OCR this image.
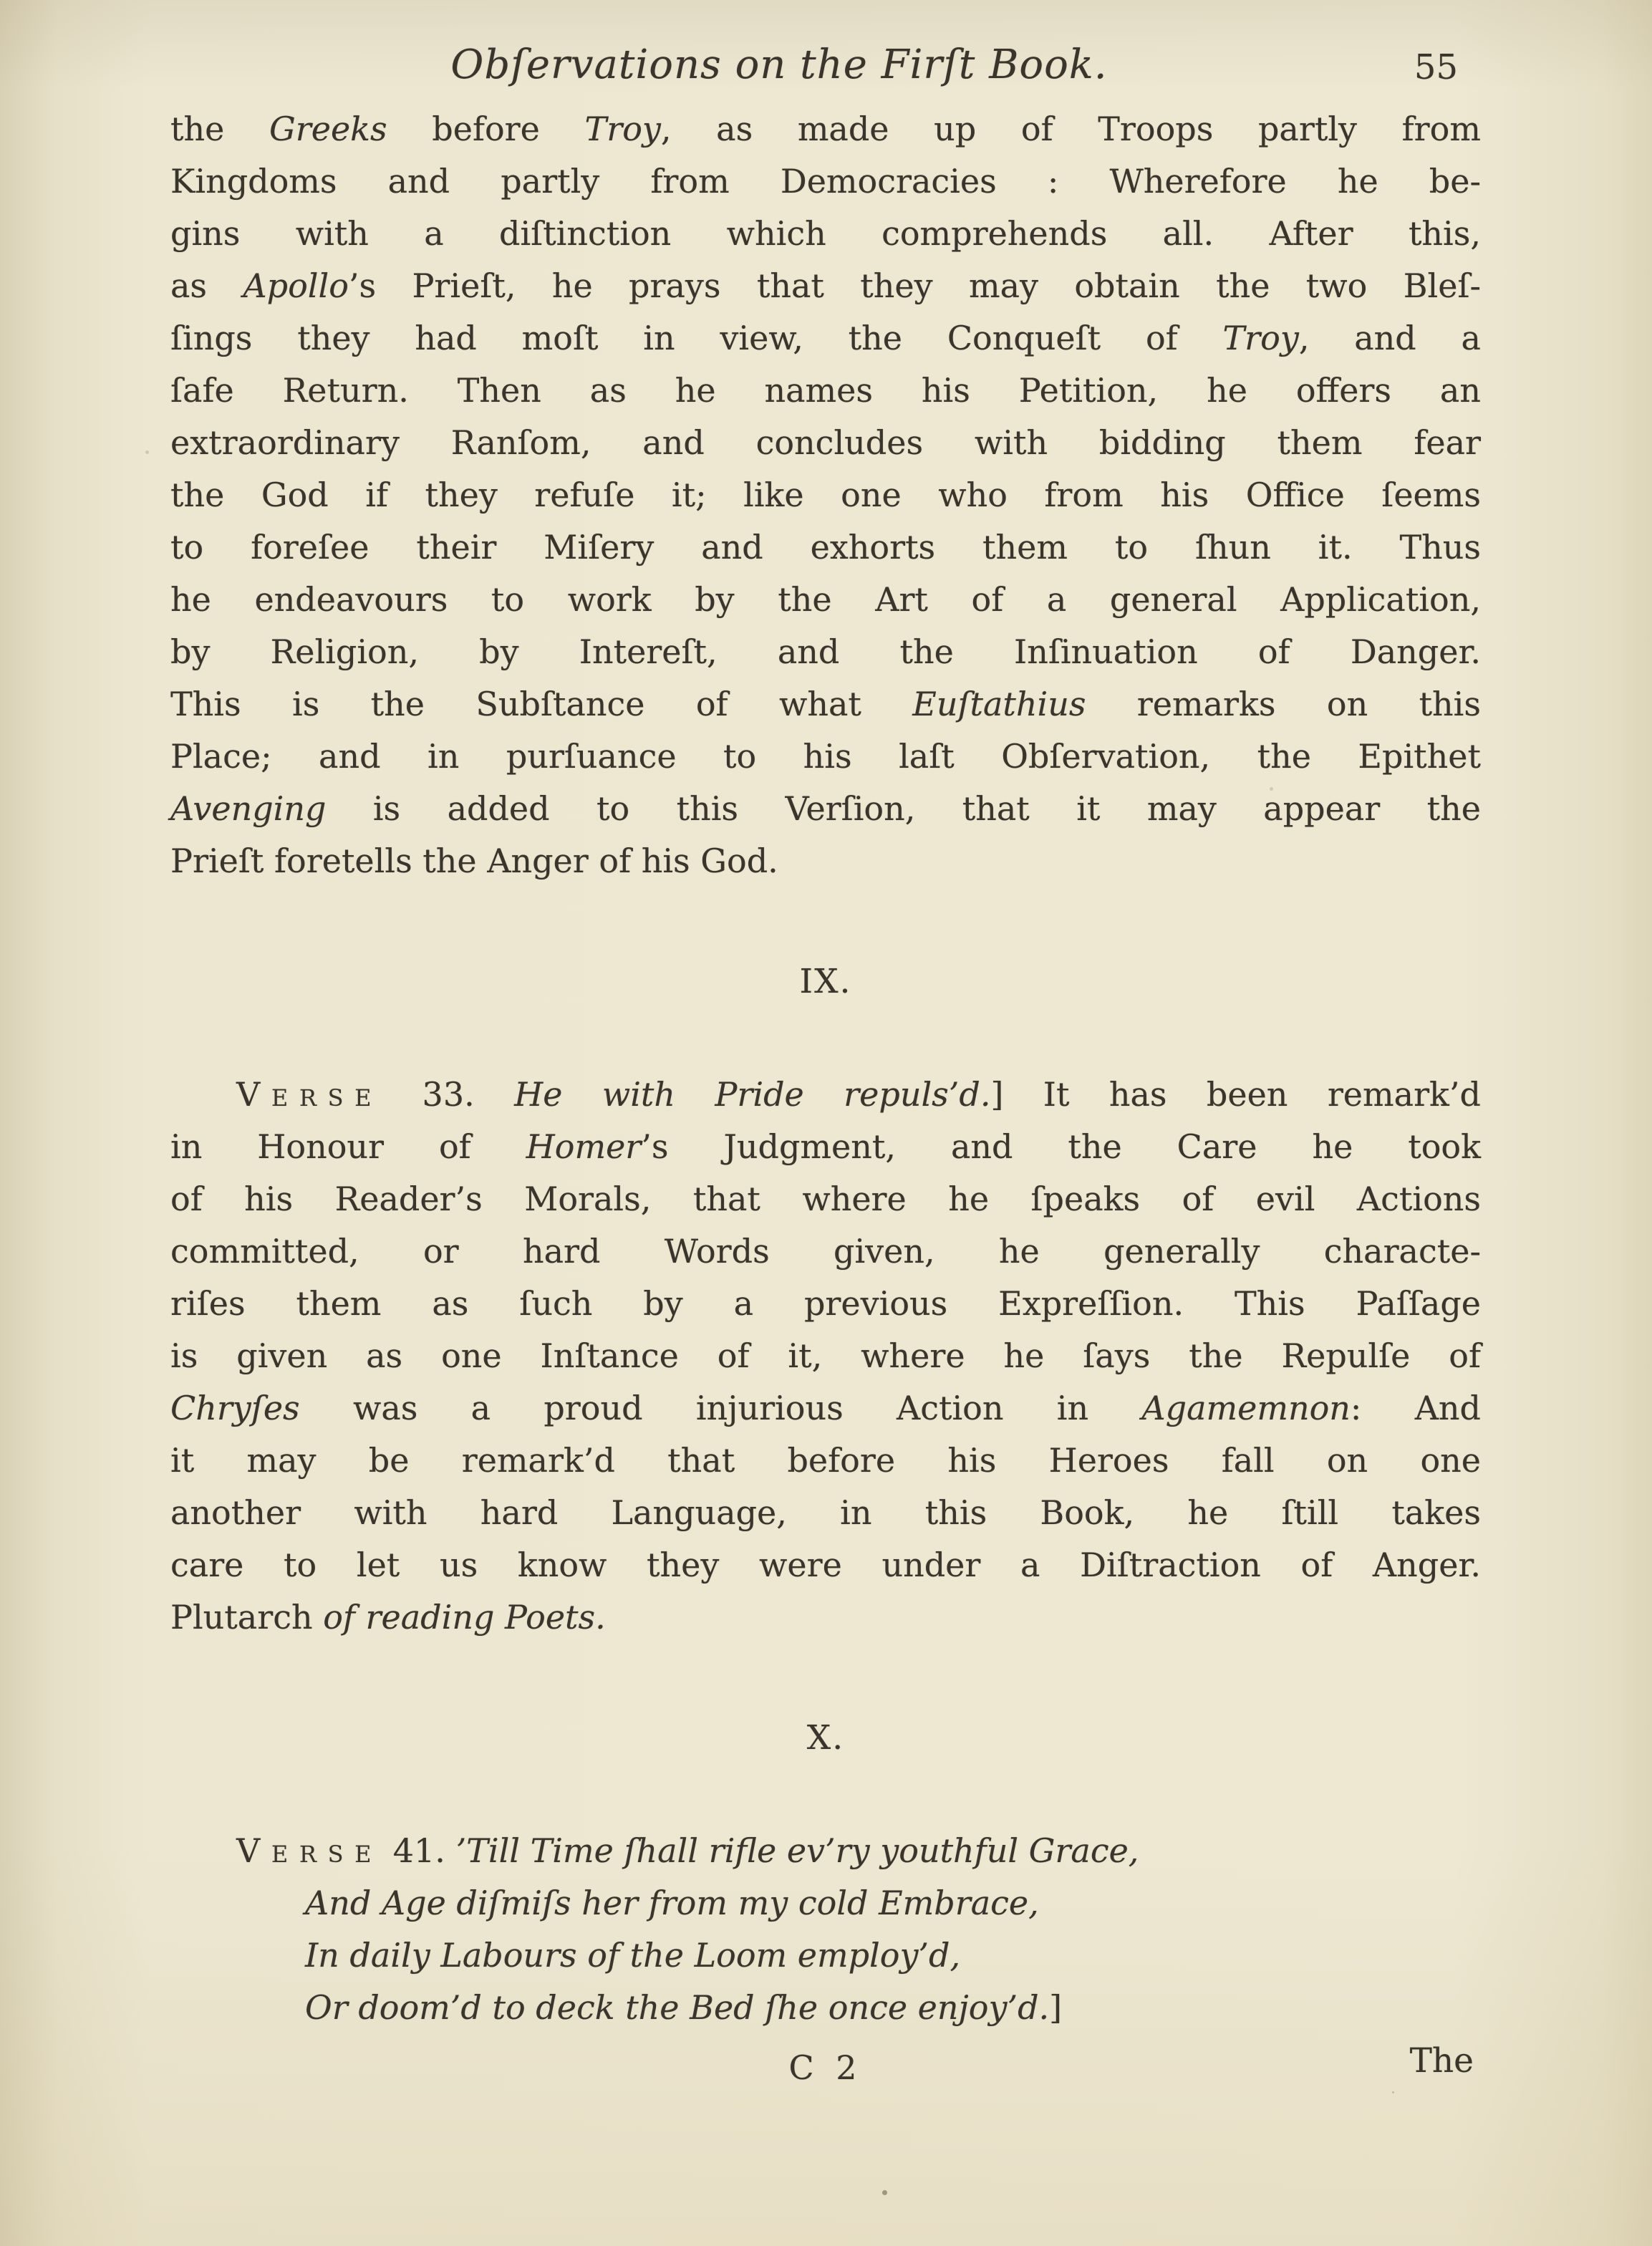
Obſervations on the Firſt Book.	55
the Greeks before Troy, as made up of Troops partly from
Kingdoms and partly from Democracies : Wherefore he be-
gins with a diſtinction which comprehends all. After this,
as Apollo’s Prieſt, he prays that they may obtain the two Bleſ-
ſings they had moſt in view, the Conqueſt of Troy, and a
ſafe Return. Then as he names his Petition, he offers an
extraordinary Ranſom, and concludes with bidding them fear
the God if they refuſe it; like one who from his Office ſeems
to foreſee their Miſery and exhorts them to ſhun it. Thus
he endeavours to work by the Art of a general Application,
by Religion, by Intereſt, and the Inſinuation of Danger.
This is the Subſtance of what Euſtathius remarks on this
Place; and in purſuance to his laſt Obſervation, the Epithet
Avenging is added to this Verſion, that it may appear the
Prieſt foretells the Anger of his God.
IX.
Verse 33. He with Pride repuls’d.] It has been remark’d
in Honour of Homer’s Judgment, and the Care he took
of his Reader’s Morals, that where he ſpeaks of evil Actions
committed, or hard Words given, he generally characte-
riſes them as ſuch by a previous Expreſſion. This Paſſage
is given as one Inſtance of it, where he ſays the Repulſe of
Chryſes was a proud injurious Action in Agamemnon: And
it may be remark’d that before his Heroes fall on one
another with hard Language, in this Book, he ſtill takes
care to let us know they were under a Diſtraction of Anger.
Plutarch of reading Poets.
X.
Verse 41. ’Till Time ſhall rifle ev’ry youthful Grace,
And Age diſmiſs her from my cold Embrace,
In daily Labours of the Loom employ’d,
Or doom’d to deck the Bed ſhe once enjoy’d.]
C 2	The
